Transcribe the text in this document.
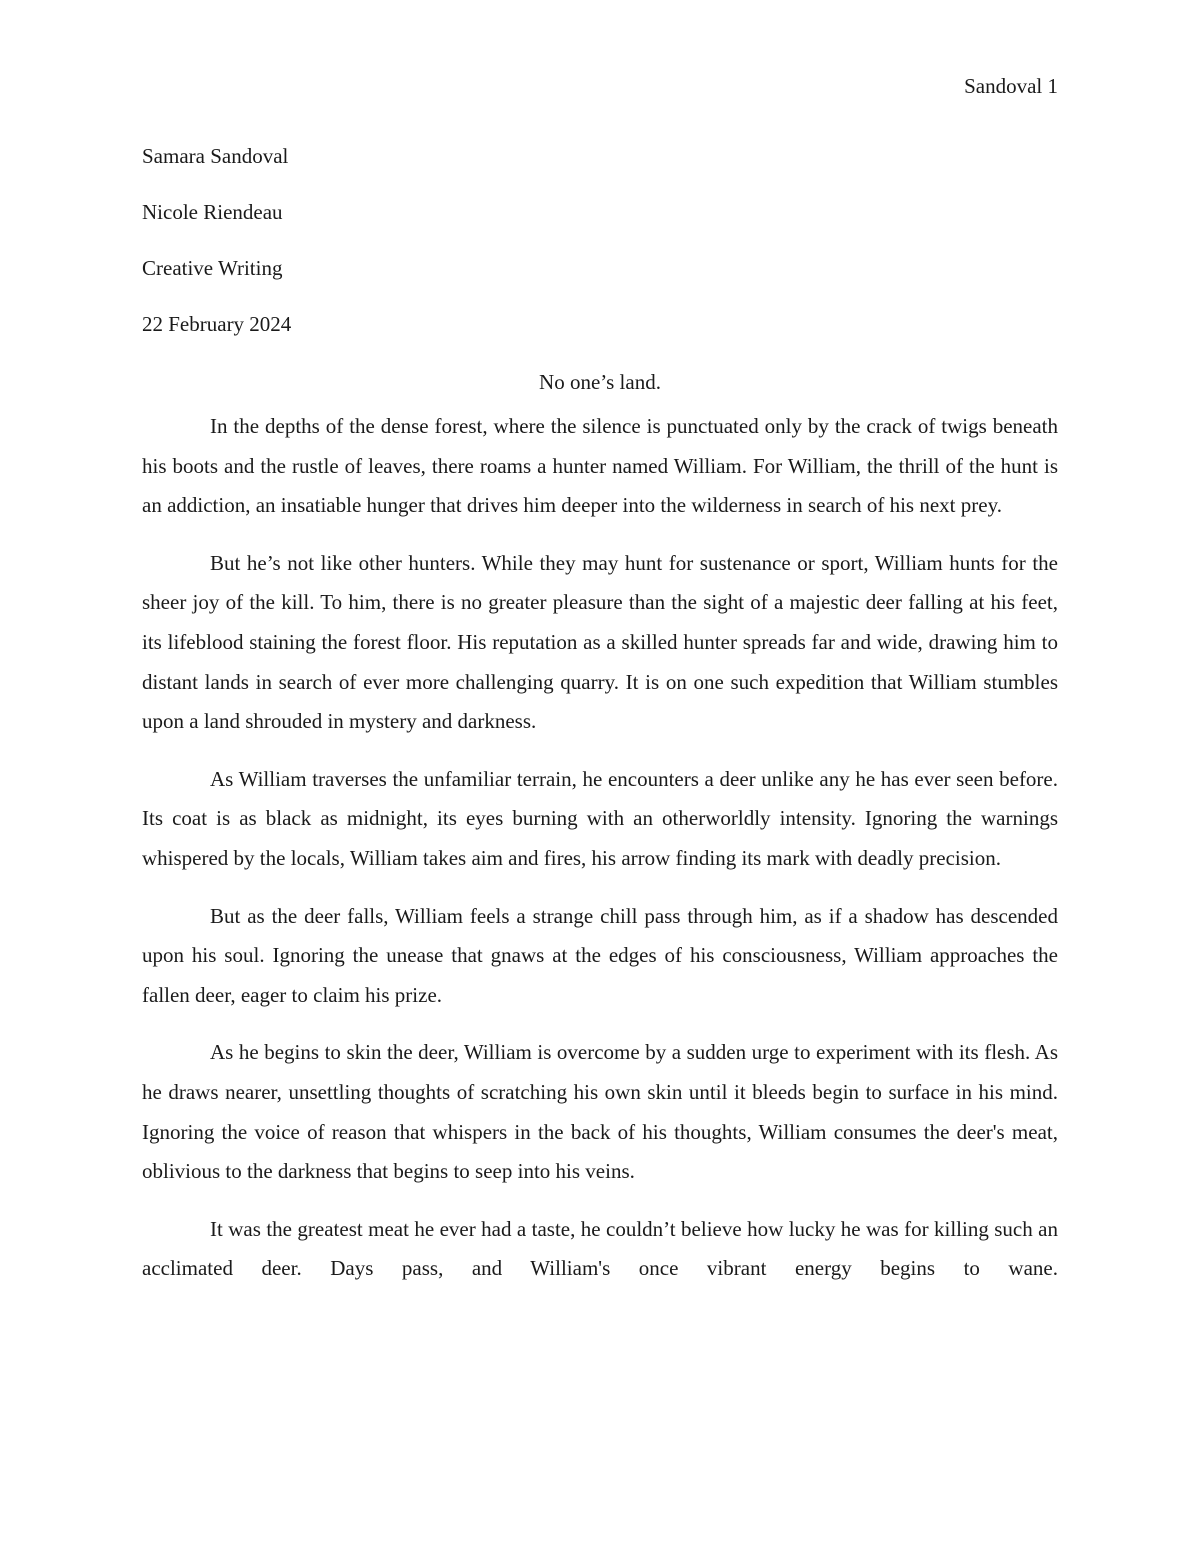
Sandoval 1
Samara Sandoval
Nicole Riendeau
Creative Writing
22 February 2024
No one’s land.

In the depths of the dense forest, where the silence is punctuated only by the crack of twigs beneath his boots and the rustle of leaves, there roams a hunter named William. For William, the thrill of the hunt is an addiction, an insatiable hunger that drives him deeper into the wilderness in search of his next prey.

But he’s not like other hunters. While they may hunt for sustenance or sport, William hunts for the sheer joy of the kill. To him, there is no greater pleasure than the sight of a majestic deer falling at his feet, its lifeblood staining the forest floor. His reputation as a skilled hunter spreads far and wide, drawing him to distant lands in search of ever more challenging quarry. It is on one such expedition that William stumbles upon a land shrouded in mystery and darkness.

As William traverses the unfamiliar terrain, he encounters a deer unlike any he has ever seen before. Its coat is as black as midnight, its eyes burning with an otherworldly intensity. Ignoring the warnings whispered by the locals, William takes aim and fires, his arrow finding its mark with deadly precision.

But as the deer falls, William feels a strange chill pass through him, as if a shadow has descended upon his soul. Ignoring the unease that gnaws at the edges of his consciousness, William approaches the fallen deer, eager to claim his prize.

As he begins to skin the deer, William is overcome by a sudden urge to experiment with its flesh. As he draws nearer, unsettling thoughts of scratching his own skin until it bleeds begin to surface in his mind. Ignoring the voice of reason that whispers in the back of his thoughts, William consumes the deer's meat, oblivious to the darkness that begins to seep into his veins.

It was the greatest meat he ever had a taste, he couldn’t believe how lucky he was for killing such an acclimated deer. Days pass, and William's once vibrant energy begins to wane.
